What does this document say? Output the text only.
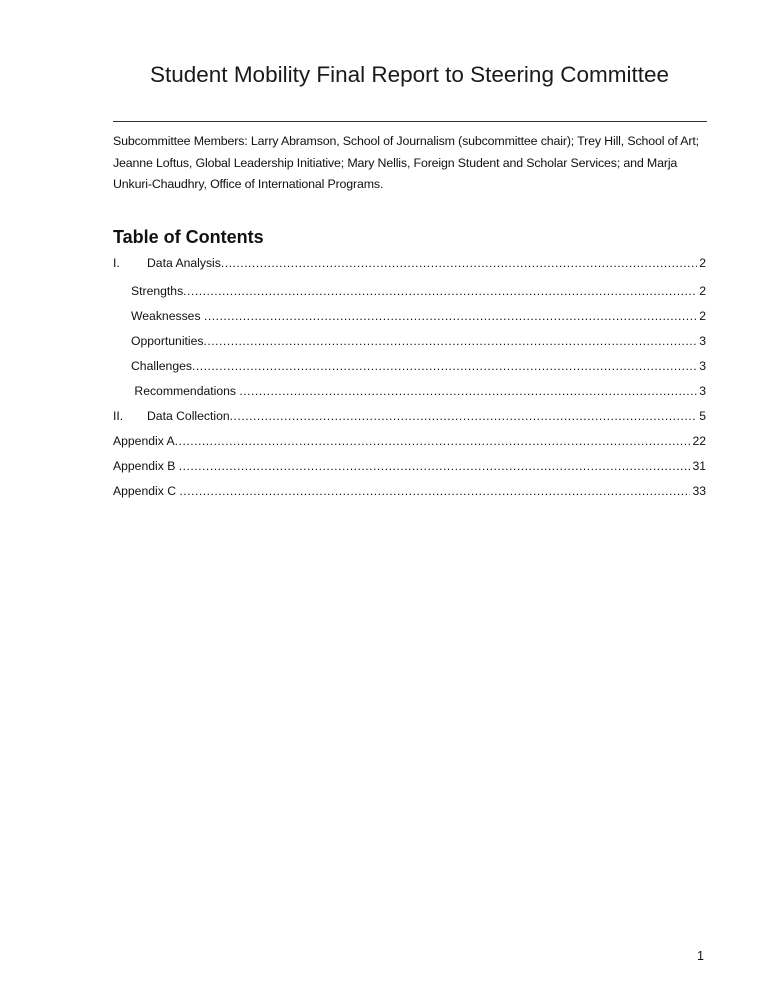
Student Mobility Final Report to Steering Committee
Subcommittee Members: Larry Abramson, School of Journalism (subcommittee chair); Trey Hill, School of Art; Jeanne Loftus, Global Leadership Initiative; Mary Nellis, Foreign Student and Scholar Services; and Marja Unkuri-Chaudhry, Office of International Programs.
Table of Contents
I. Data Analysis .....	2
Strengths .....	2
Weaknesses .....	2
Opportunities .....	3
Challenges .....	3
Recommendations .....	3
II. Data Collection .....	5
Appendix A .....	22
Appendix B .....	31
Appendix C .....	33
1
